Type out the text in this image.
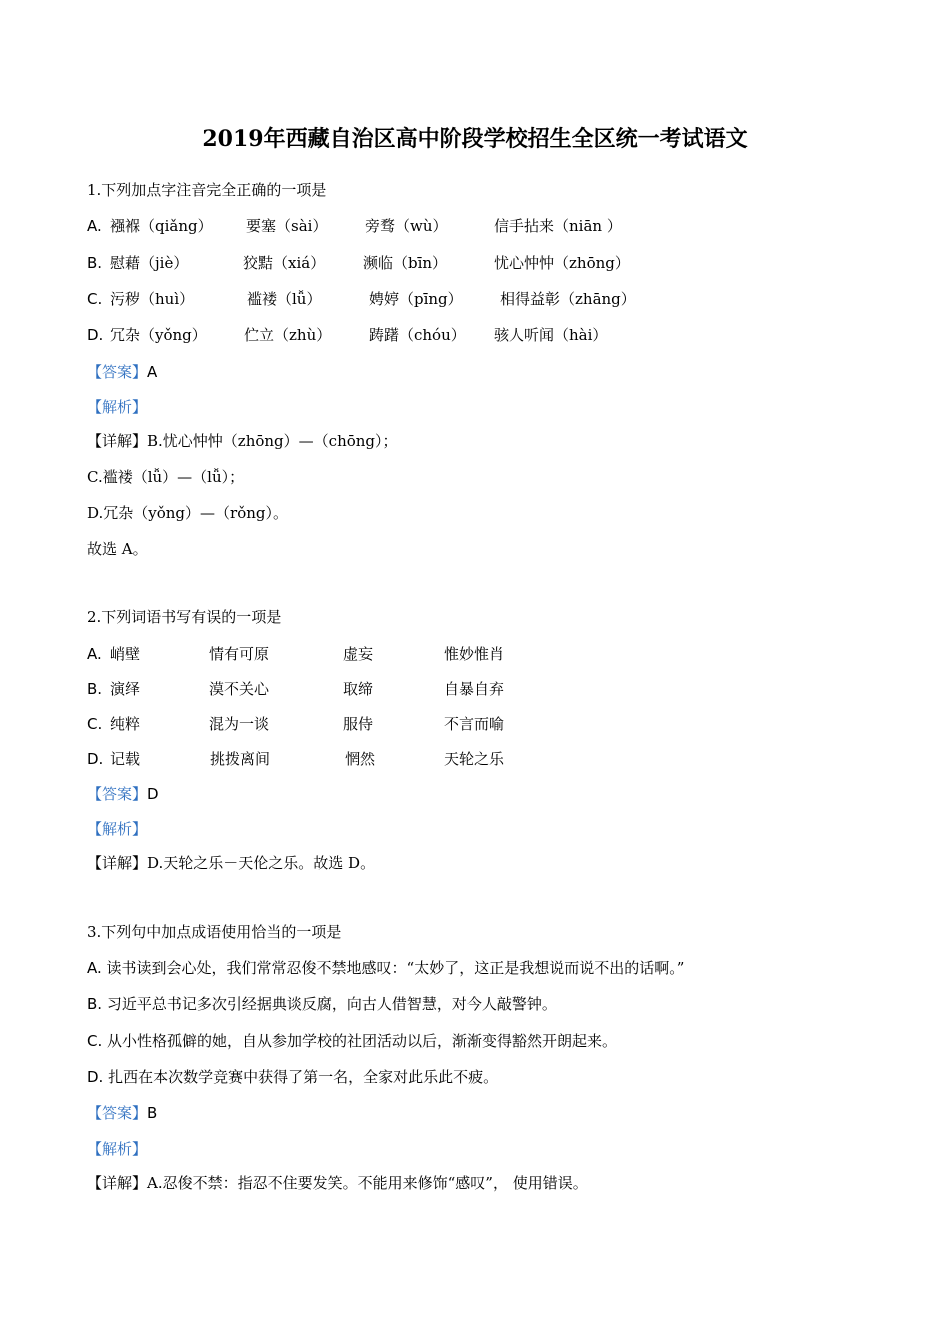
2019年西藏自治区高中阶段学校招生全区统一考试语文
1.下列加点字注音完全正确的一项是
A. 襁褓（qiǎng） 要塞（sài）	旁骛（wù）	信手拈来（niān ）
B. 慰藉（jiè）	狡黠（xiá）	濒临（bīn）	忧心忡忡（zhōng）
C. 污秽（huì）	褴褛（lǚ）	娉婷（pīng） 相得益彰（zhāng）
D. 冗杂（yǒng） 伫立（zhù）	踌躇（chóu） 骇人听闻（hài）
【答案】A
【解析】
【详解】B.忧心忡忡（zhōng）—（chōng）；
C.褴褛（lǚ）—（lǚ）；
D.冗杂（yǒng）—（rǒng）。
故选 A。
2.下列词语书写有误的一项是
A. 峭壁	情有可原	虚妄	惟妙惟肖
B. 演绎	漠不关心	取缔	自暴自弃
C. 纯粹	混为一谈	服侍	不言而喻
D. 记载	挑拨离间	惘然	天轮之乐
【答案】D
【解析】
【详解】D.天轮之乐－天伦之乐。故选 D。
3.下列句中加点成语使用恰当的一项是
A. 读书读到会心处，我们常常忍俊不禁地感叹：“太妙了，这正是我想说而说不出的话啊。”
B. 习近平总书记多次引经据典谈反腐，向古人借智慧，对今人敲警钟。
C. 从小性格孤僻的她，自从参加学校的社团活动以后，渐渐变得豁然开朗起来。
D. 扎西在本次数学竞赛中获得了第一名，全家对此乐此不疲。
【答案】B
【解析】
【详解】A.忍俊不禁：指忍不住要发笑。不能用来修饰“感叹”， 使用错误。
